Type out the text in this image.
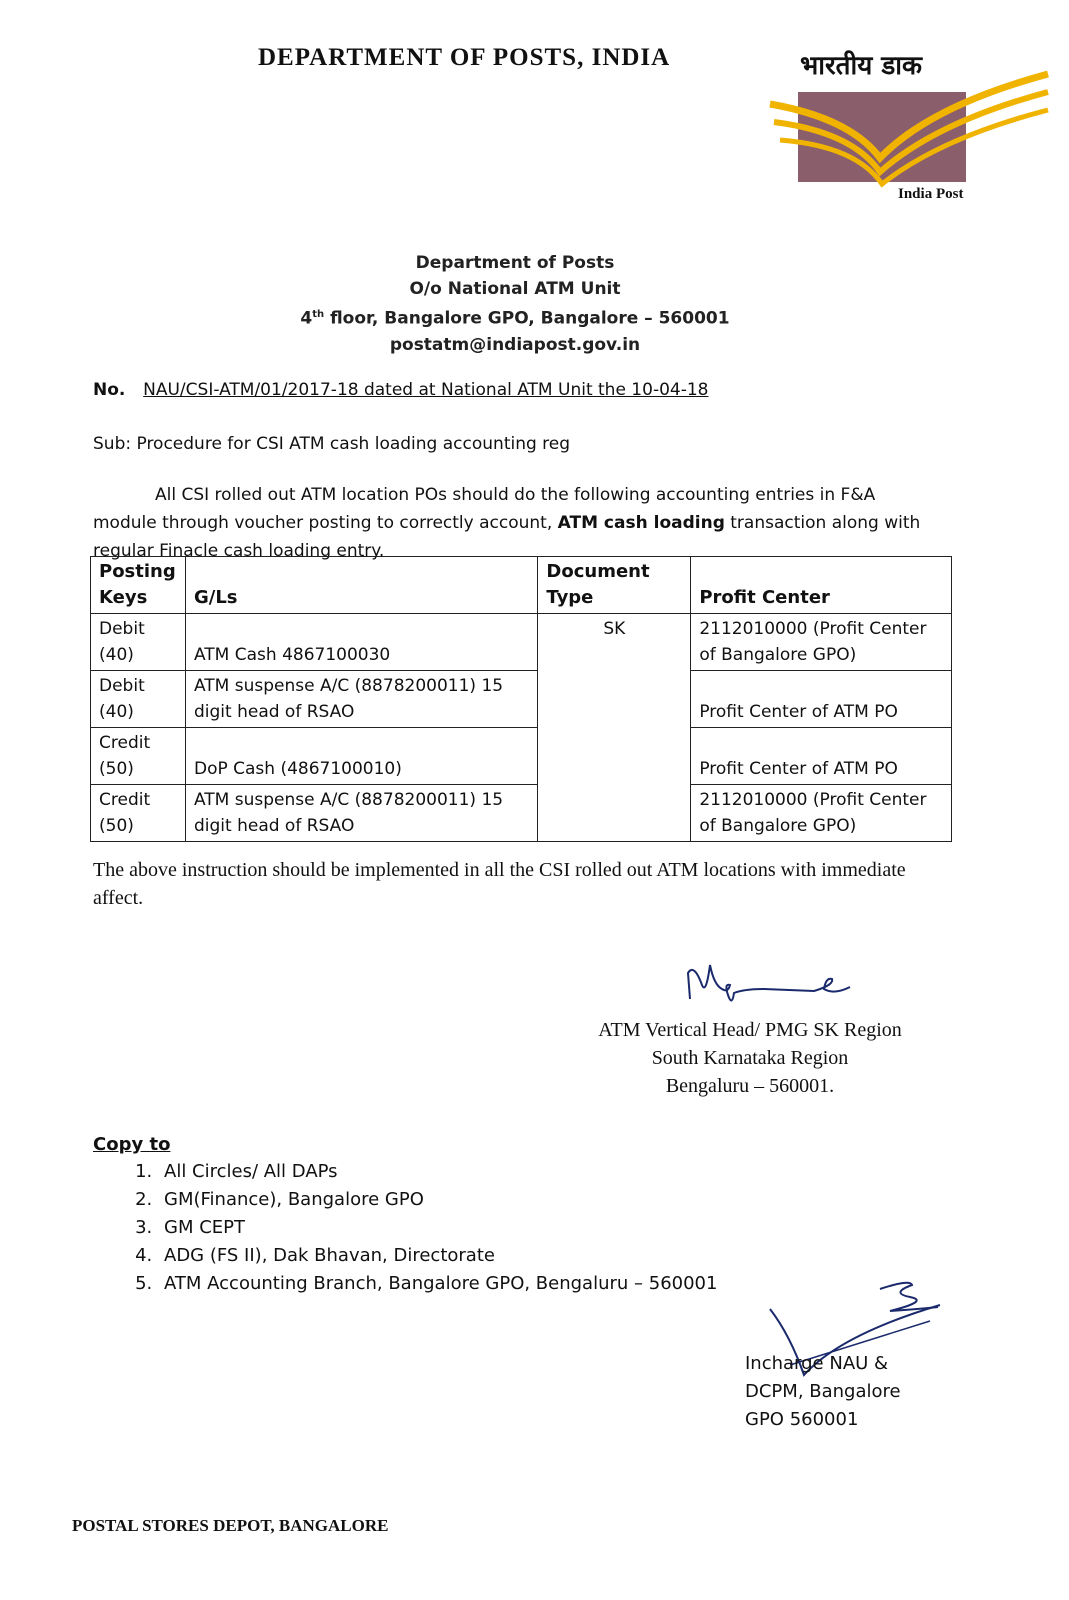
DEPARTMENT OF POSTS, INDIA	भारतीय डाक
India Post
Department of Posts
O/o National ATM Unit
4th floor, Bangalore GPO, Bangalore – 560001
postatm@indiapost.gov.in
No. NAU/CSI-ATM/01/2017-18 dated at National ATM Unit the 10-04-18
Sub: Procedure for CSI ATM cash loading accounting reg
All CSI rolled out ATM location POs should do the following accounting entries in F&A module through voucher posting to correctly account, ATM cash loading transaction along with regular Finacle cash loading entry.
Posting Keys	G/Ls	Document Type	Profit Center
Debit (40)	ATM Cash 4867100030	SK	2112010000 (Profit Center of Bangalore GPO)
Debit (40)	ATM suspense A/C (8878200011) 15 digit head of RSAO		Profit Center of ATM PO
Credit (50)	DoP Cash (4867100010)		Profit Center of ATM PO
Credit (50)	ATM suspense A/C (8878200011) 15 digit head of RSAO		2112010000 (Profit Center of Bangalore GPO)
The above instruction should be implemented in all the CSI rolled out ATM locations with immediate affect.
ATM Vertical Head/ PMG SK Region
South Karnataka Region
Bengaluru – 560001.
Copy to
1. All Circles/ All DAPs
2. GM(Finance), Bangalore GPO
3. GM CEPT
4. ADG (FS II), Dak Bhavan, Directorate
5. ATM Accounting Branch, Bangalore GPO, Bengaluru – 560001
Incharge NAU &
DCPM, Bangalore
GPO 560001
POSTAL STORES DEPOT, BANGALORE
